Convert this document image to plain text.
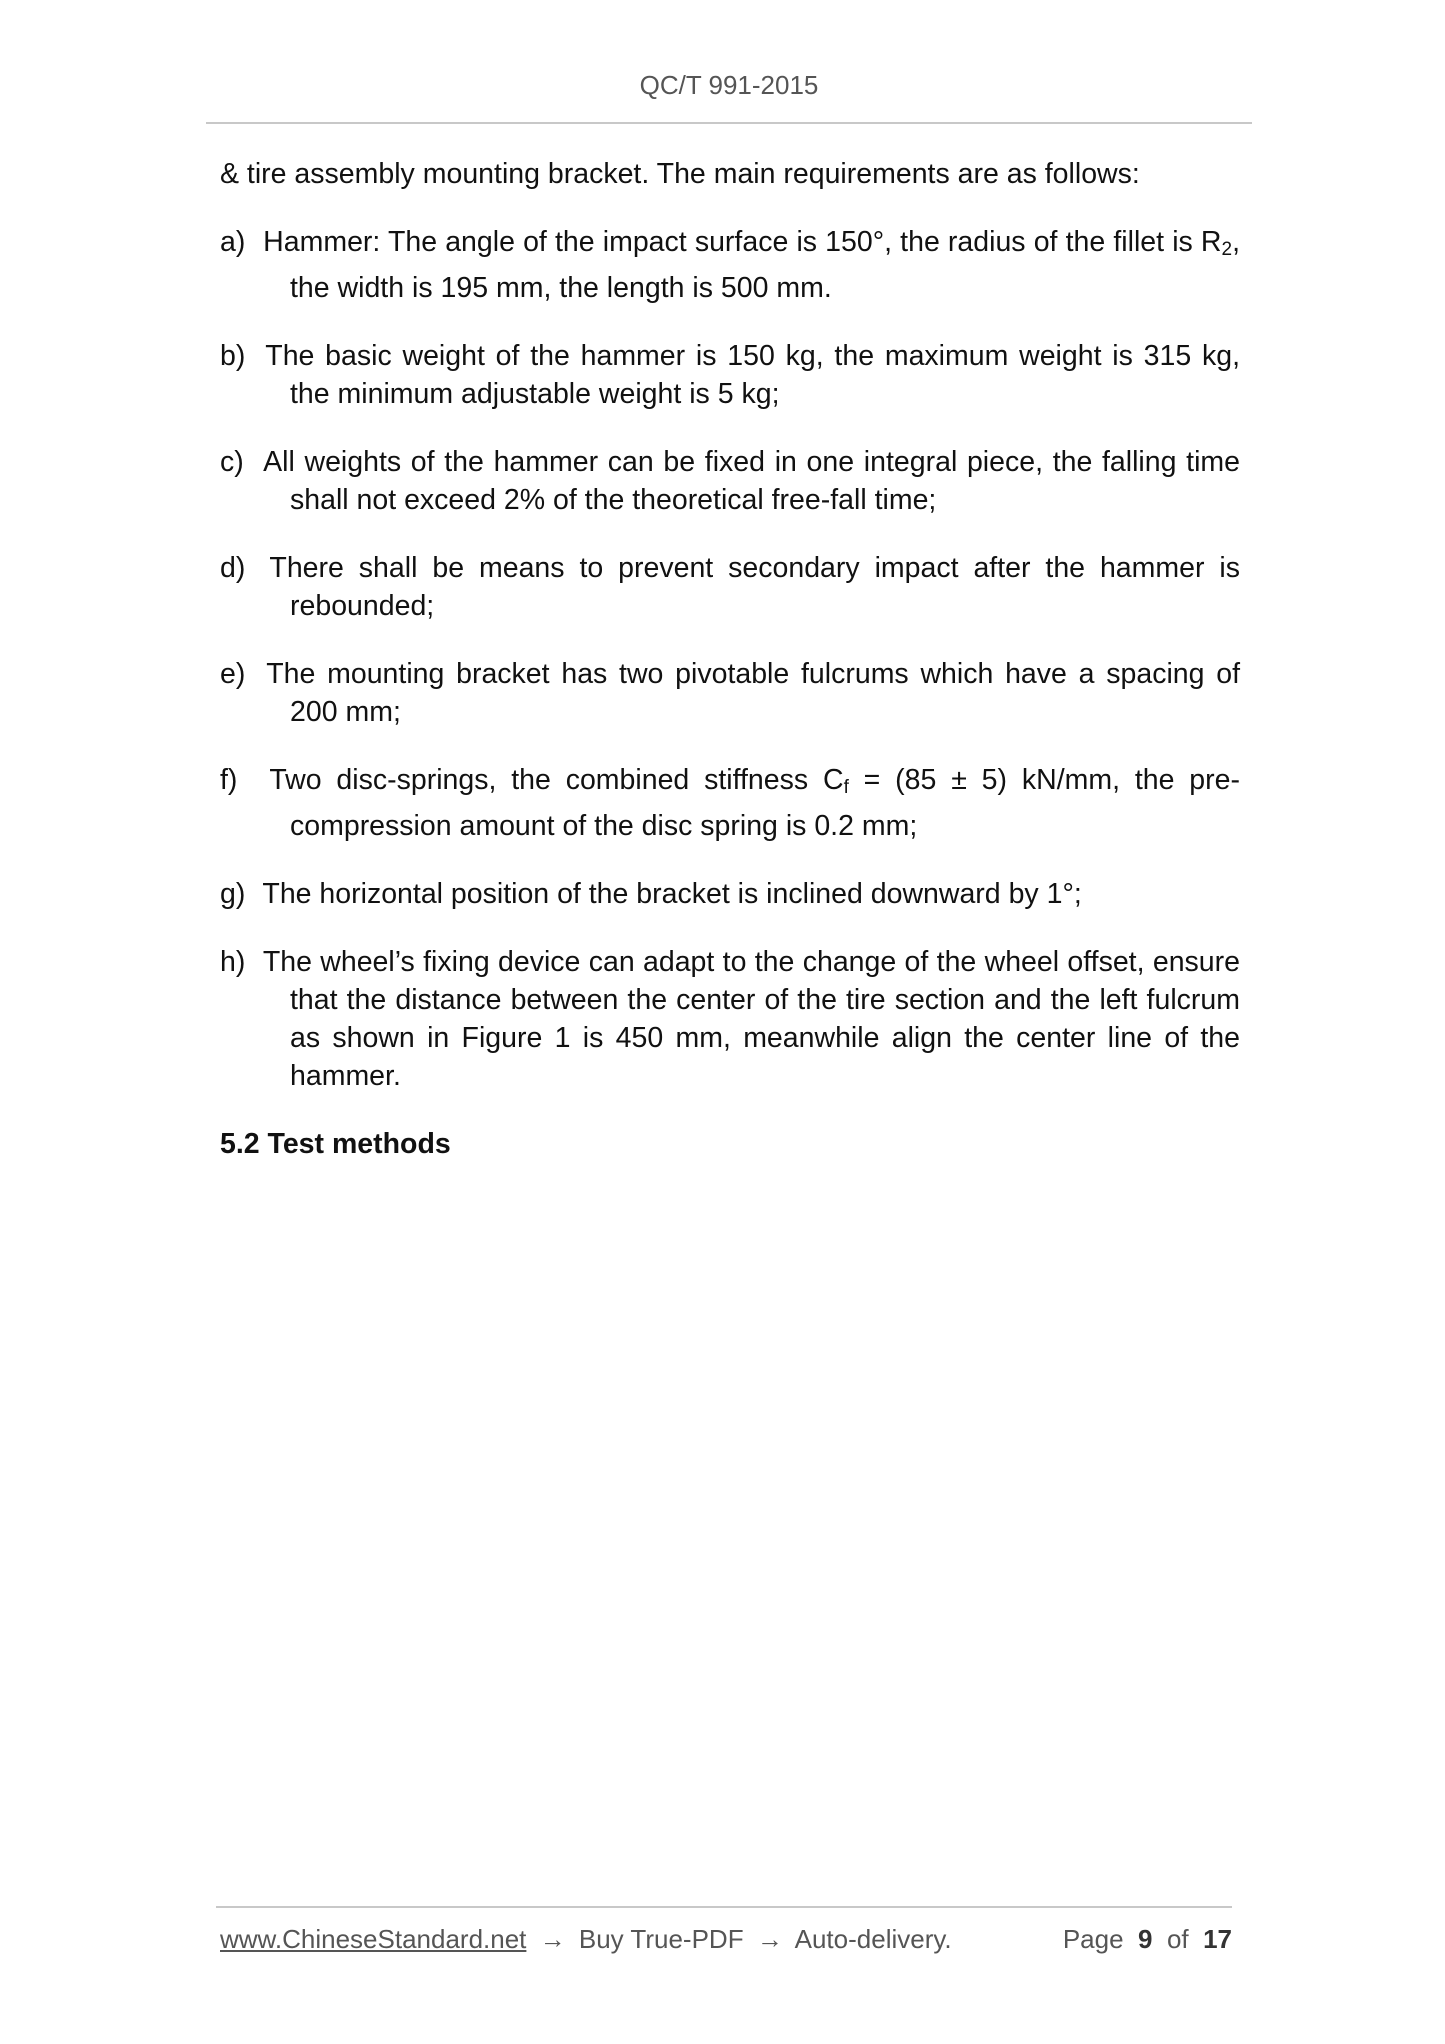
QC/T 991-2015

& tire assembly mounting bracket. The main requirements are as follows:

a) Hammer: The angle of the impact surface is 150°, the radius of the fillet is $R_2$, the width is 195 mm, the length is 500 mm.

b) The basic weight of the hammer is 150 kg, the maximum weight is 315 kg, the minimum adjustable weight is 5 kg;

c) All weights of the hammer can be fixed in one integral piece, the falling time shall not exceed 2% of the theoretical free-fall time;

d) There shall be means to prevent secondary impact after the hammer is rebounded;

e) The mounting bracket has two pivotable fulcrums which have a spacing of 200 mm;

f) Two disc-springs, the combined stiffness $C_f = (85 \pm 5)$ kN/mm, the pre-compression amount of the disc spring is 0.2 mm;

g) The horizontal position of the bracket is inclined downward by 1°;

h) The wheel’s fixing device can adapt to the change of the wheel offset, ensure that the distance between the center of the tire section and the left fulcrum as shown in Figure 1 is 450 mm, meanwhile align the center line of the hammer.

5.2 Test methods

www.ChineseStandard.net → Buy True-PDF → Auto-delivery.	Page 9 of 17
